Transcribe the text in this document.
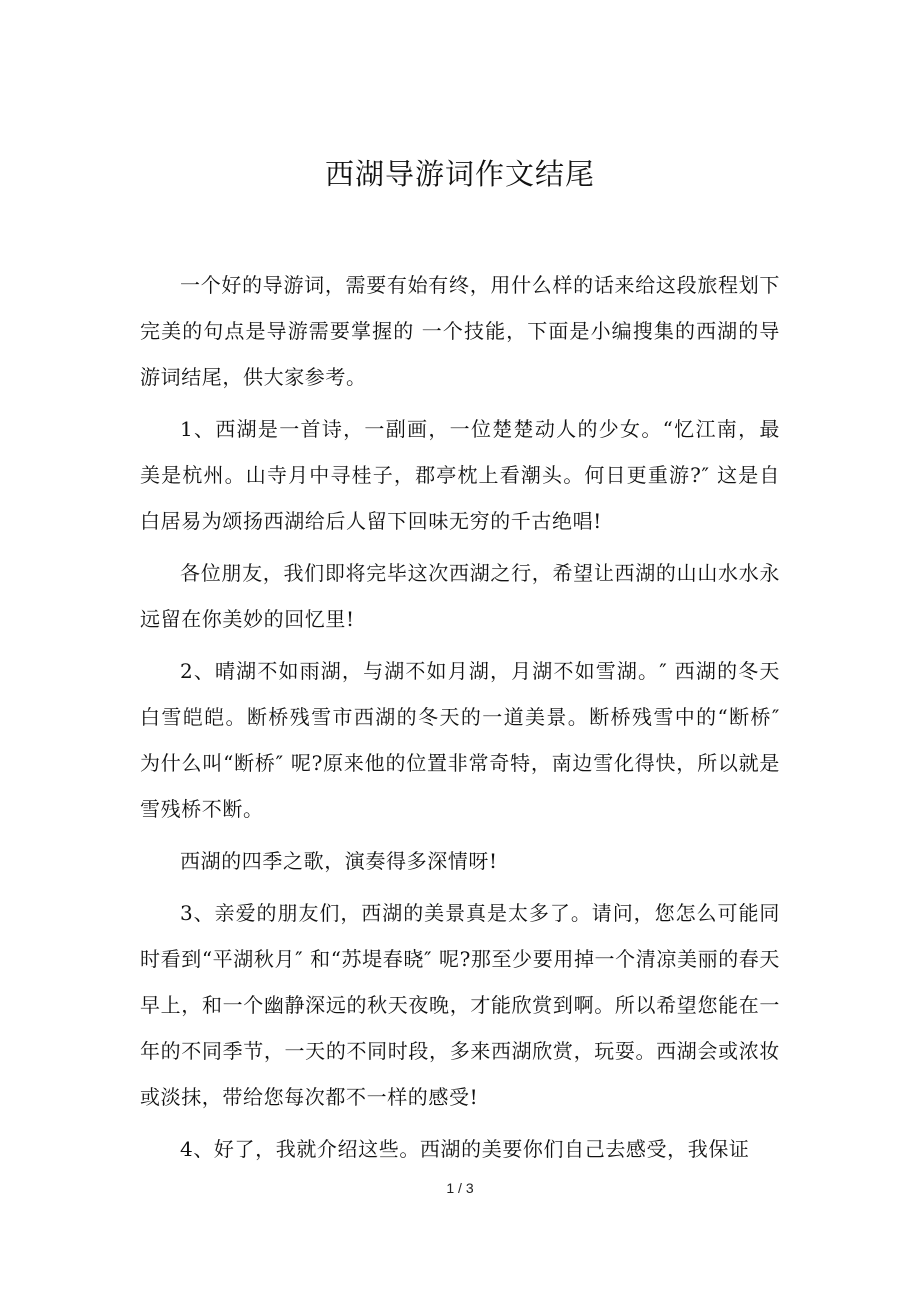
西湖导游词作文结尾

一个好的导游词，需要有始有终，用什么样的话来给这段旅程划下完美的句点是导游需要掌握的 一个技能，下面是小编搜集的西湖的导游词结尾，供大家参考。

1、西湖是一首诗，一副画，一位楚楚动人的少女。“忆江南，最美是杭州。山寺月中寻桂子，郡亭枕上看潮头。何日更重游?″ 这是自白居易为颂扬西湖给后人留下回味无穷的千古绝唱!

各位朋友，我们即将完毕这次西湖之行，希望让西湖的山山水水永远留在你美妙的回忆里!

2、晴湖不如雨湖，与湖不如月湖，月湖不如雪湖。″ 西湖的冬天白雪皑皑。断桥残雪市西湖的冬天的一道美景。断桥残雪中的“断桥″ 为什么叫“断桥″ 呢?原来他的位置非常奇特，南边雪化得快，所以就是雪残桥不断。

西湖的四季之歌，演奏得多深情呀!

3、亲爱的朋友们，西湖的美景真是太多了。请问，您怎么可能同时看到“平湖秋月″ 和“苏堤春晓″ 呢?那至少要用掉一个清凉美丽的春天早上，和一个幽静深远的秋天夜晚，才能欣赏到啊。所以希望您能在一年的不同季节，一天的不同时段，多来西湖欣赏，玩耍。西湖会或浓妆或淡抹，带给您每次都不一样的感受!

4、好了，我就介绍这些。西湖的美要你们自己去感受，我保证

1 / 3
